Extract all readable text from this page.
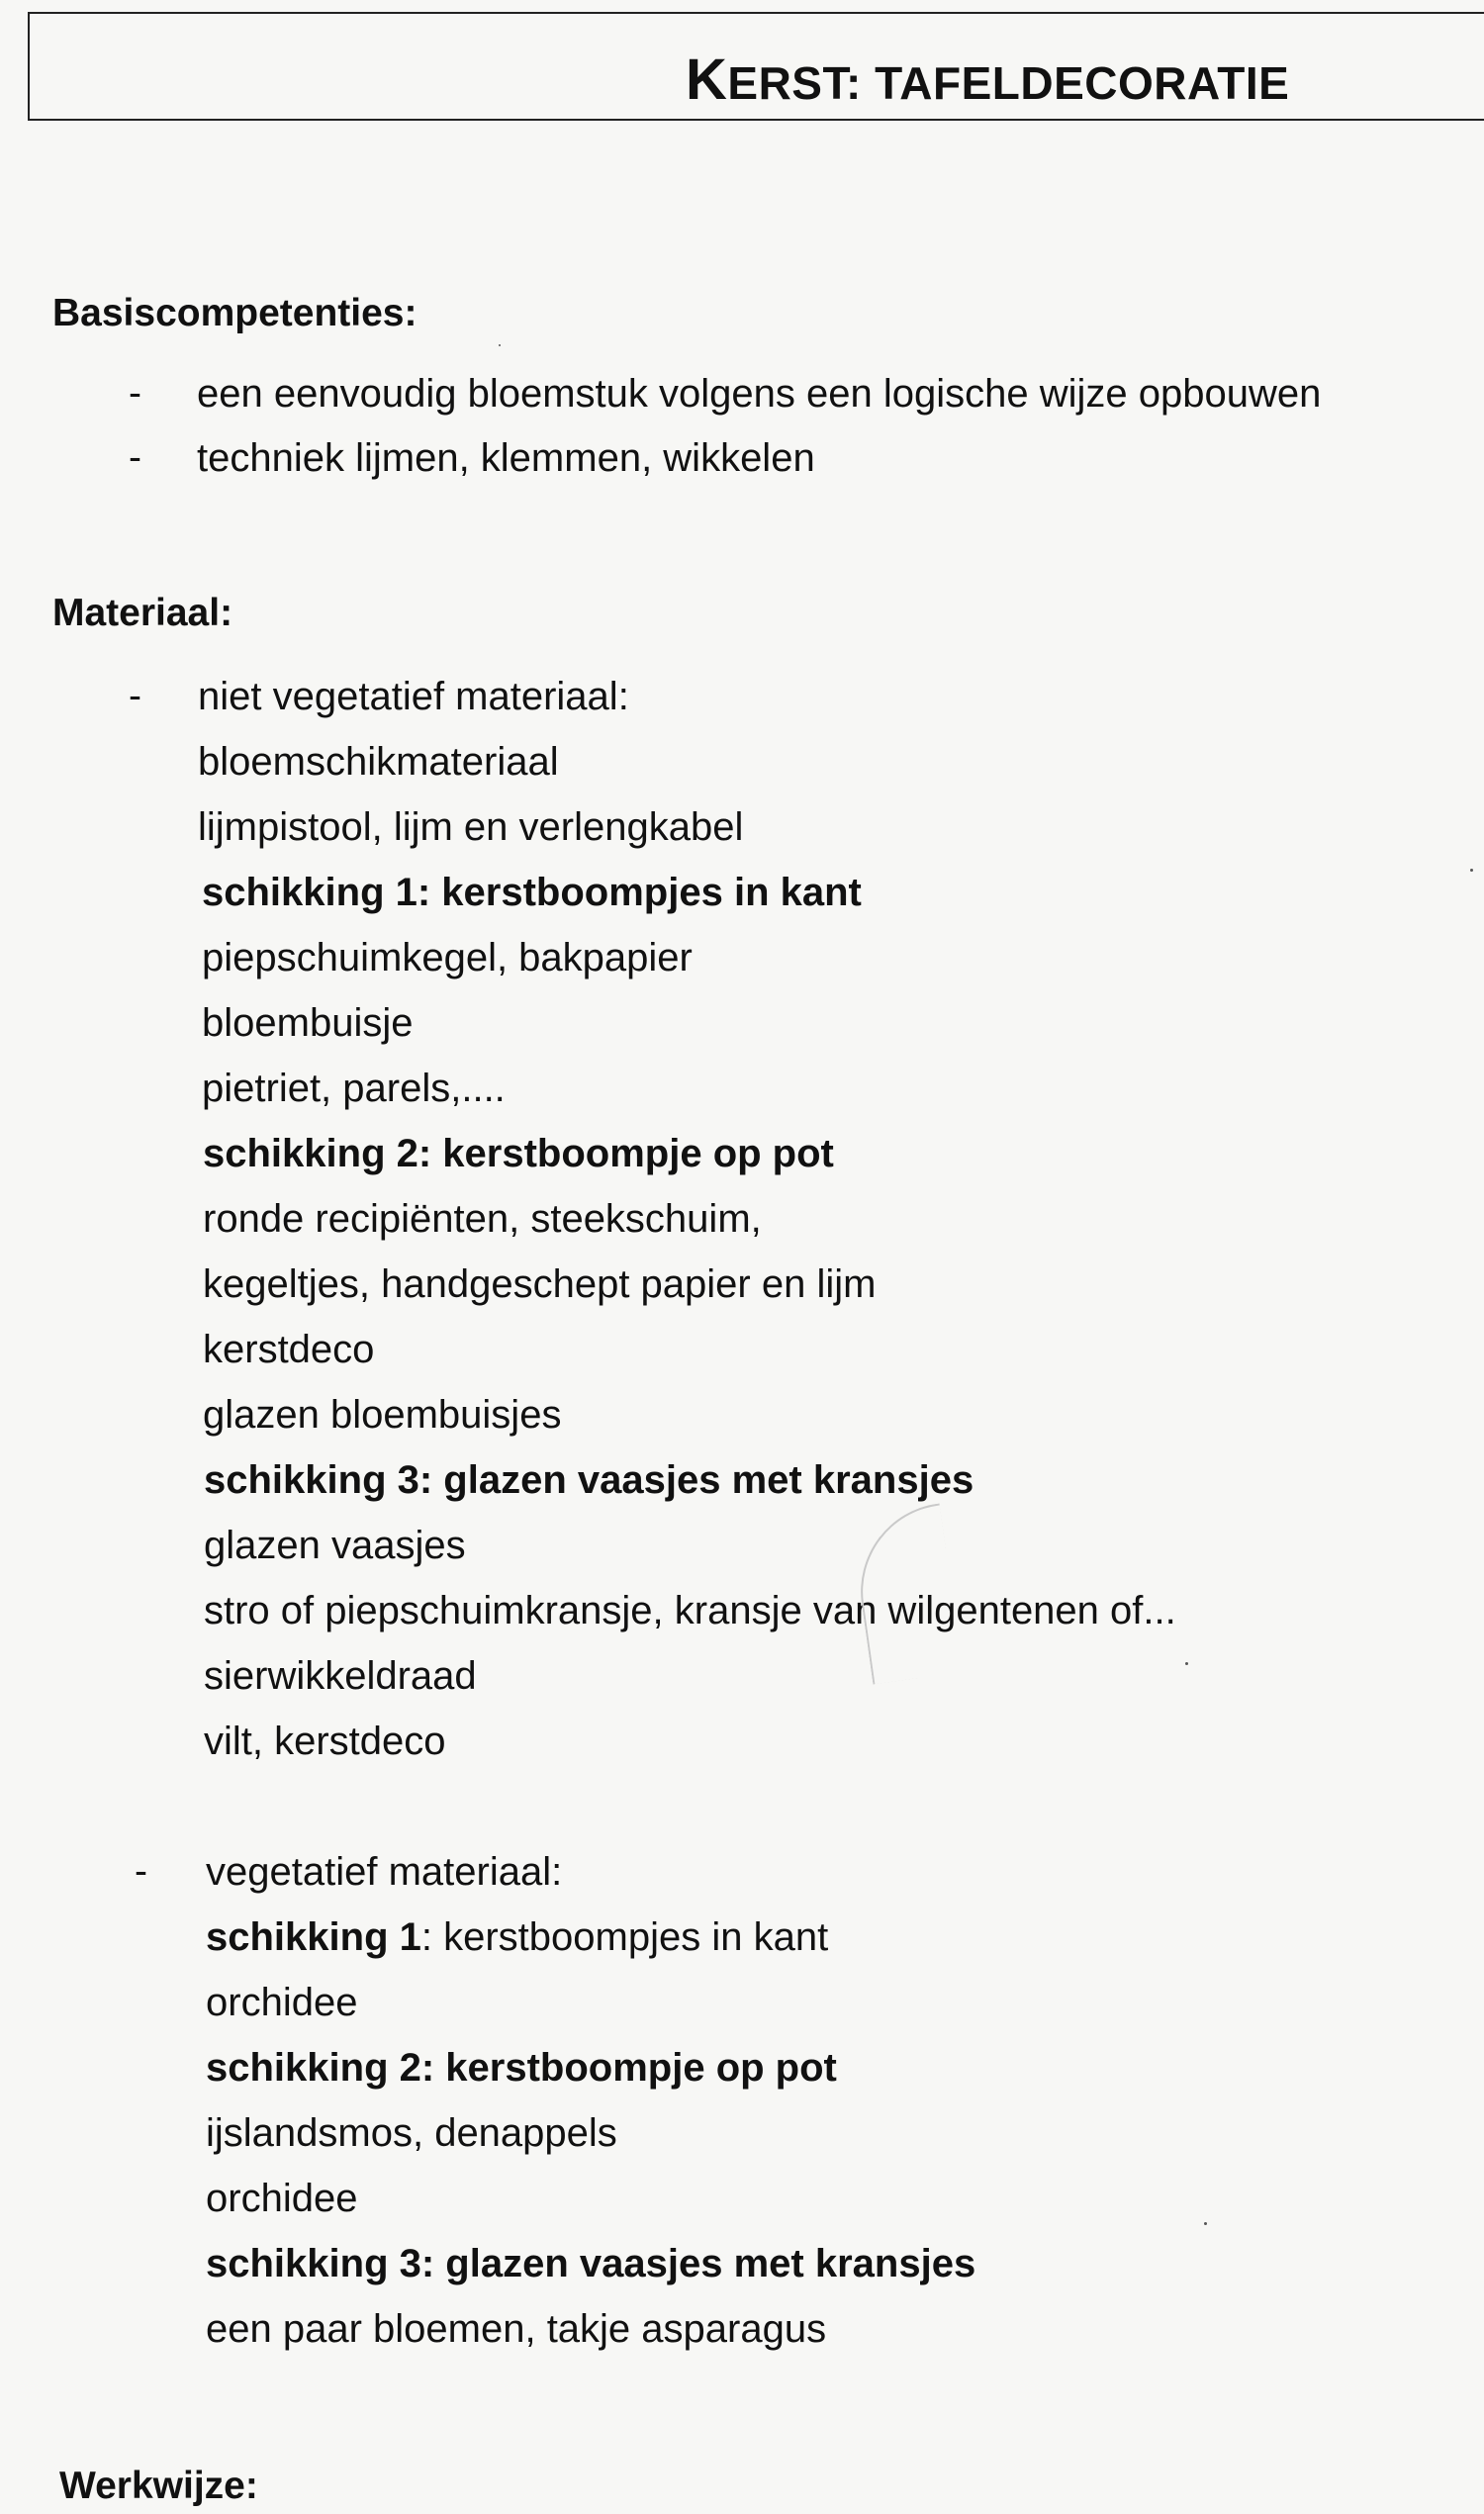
KERST: TAFELDECORATIE
Basiscompetenties:
- een eenvoudig bloemstuk volgens een logische wijze opbouwen
- techniek lijmen, klemmen, wikkelen
Materiaal:
- niet vegetatief materiaal:
bloemschikmateriaal
lijmpistool, lijm en verlengkabel
schikking 1: kerstboompjes in kant
piepschuimkegel, bakpapier
bloembuisje
pietriet, parels,....
schikking 2: kerstboompje op pot
ronde recipiënten, steekschuim,
kegeltjes, handgeschept papier en lijm
kerstdeco
glazen bloembuisjes
schikking 3: glazen vaasjes met kransjes
glazen vaasjes
stro of piepschuimkransje, kransje van wilgentenen of...
sierwikkeldraad
vilt, kerstdeco
- vegetatief materiaal:
schikking 1: kerstboompjes in kant
orchidee
schikking 2: kerstboompje op pot
ijslandsmos, denappels
orchidee
schikking 3: glazen vaasjes met kransjes
een paar bloemen, takje asparagus
Werkwijze:
